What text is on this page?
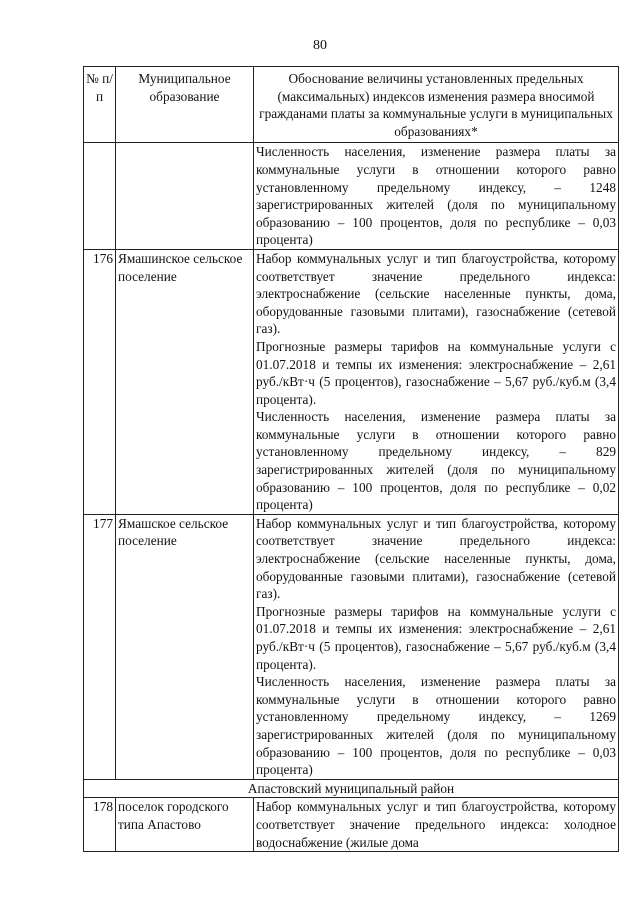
80
№ п/п	Муниципальное образование	Обоснование величины установленных предельных (максимальных) индексов изменения размера вносимой гражданами платы за коммунальные услуги в муниципальных образованиях*

		Численность населения, изменение размера платы за коммунальные услуги в отношении которого равно установленному предельному индексу, – 1248 зарегистрированных жителей (доля по муниципальному образованию – 100 процентов, доля по республике – 0,03 процента)

176	Ямашинское сельское поселение	Набор коммунальных услуг и тип благоустройства, которому соответствует значение предельного индекса: электроснабжение (сельские населенные пункты, дома, оборудованные газовыми плитами), газоснабжение (сетевой газ).
Прогнозные размеры тарифов на коммунальные услуги с 01.07.2018 и темпы их изменения: электроснабжение – 2,61 руб./кВт·ч (5 процентов), газоснабжение – 5,67 руб./куб.м (3,4 процента).
Численность населения, изменение размера платы за коммунальные услуги в отношении которого равно установленному предельному индексу, – 829 зарегистрированных жителей (доля по муниципальному образованию – 100 процентов, доля по республике – 0,02 процента)

177	Ямашское сельское поселение	Набор коммунальных услуг и тип благоустройства, которому соответствует значение предельного индекса: электроснабжение (сельские населенные пункты, дома, оборудованные газовыми плитами), газоснабжение (сетевой газ).
Прогнозные размеры тарифов на коммунальные услуги с 01.07.2018 и темпы их изменения: электроснабжение – 2,61 руб./кВт·ч (5 процентов), газоснабжение – 5,67 руб./куб.м (3,4 процента).
Численность населения, изменение размера платы за коммунальные услуги в отношении которого равно установленному предельному индексу, – 1269 зарегистрированных жителей (доля по муниципальному образованию – 100 процентов, доля по республике – 0,03 процента)

Апастовский муниципальный район		
178	поселок городского типа Апастово	Набор коммунальных услуг и тип благоустройства, которому соответствует значение предельного индекса: холодное водоснабжение (жилые дома
